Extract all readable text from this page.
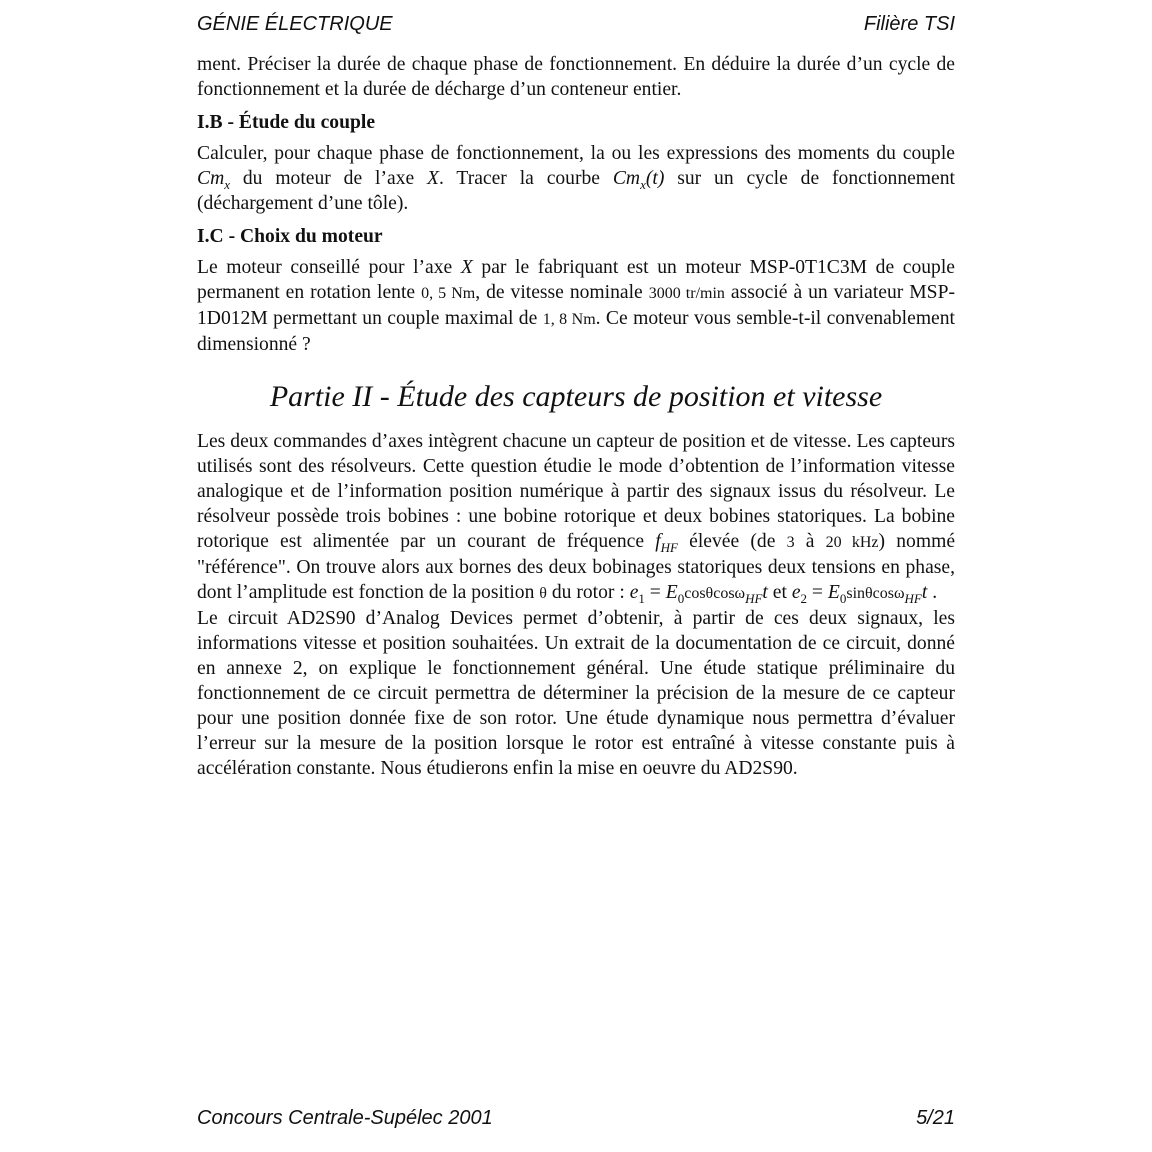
GÉNIE ÉLECTRIQUE	Filière TSI

ment. Préciser la durée de chaque phase de fonctionnement. En déduire la durée d’un cycle de fonctionnement et la durée de décharge d’un conteneur entier.

I.B - Étude du couple

Calculer, pour chaque phase de fonctionnement, la ou les expressions des moments du couple $Cm_x$ du moteur de l’axe X. Tracer la courbe $Cm_x(t)$ sur un cycle de fonctionnement (déchargement d’une tôle).

I.C - Choix du moteur

Le moteur conseillé pour l’axe X par le fabriquant est un moteur MSP-0T1C3M de couple permanent en rotation lente 0, 5 Nm, de vitesse nominale 3000 tr/min associé à un variateur MSP-1D012M permettant un couple maximal de 1, 8 Nm. Ce moteur vous semble-t-il convenablement dimensionné ?

Partie II - Étude des capteurs de position et vitesse

Les deux commandes d’axes intègrent chacune un capteur de position et de vitesse. Les capteurs utilisés sont des résolveurs. Cette question étudie le mode d’obtention de l’information vitesse analogique et de l’information position numérique à partir des signaux issus du résolveur. Le résolveur possède trois bobines : une bobine rotorique et deux bobines statoriques. La bobine rotorique est alimentée par un courant de fréquence $f_{HF}$ élevée (de 3 à 20 kHz) nommé "référence". On trouve alors aux bornes des deux bobinages statoriques deux tensions en phase, dont l’amplitude est fonction de la position θ du rotor : $e_1 = E_0\cos\theta\cos\omega_{HF}t$ et $e_2 = E_0\sin\theta\cos\omega_{HF}t$ .

Le circuit AD2S90 d’Analog Devices permet d’obtenir, à partir de ces deux signaux, les informations vitesse et position souhaitées. Un extrait de la documentation de ce circuit, donné en annexe 2, on explique le fonctionnement général. Une étude statique préliminaire du fonctionnement de ce circuit permettra de déterminer la précision de la mesure de ce capteur pour une position donnée fixe de son rotor. Une étude dynamique nous permettra d’évaluer l’erreur sur la mesure de la position lorsque le rotor est entraîné à vitesse constante puis à accélération constante. Nous étudierons enfin la mise en oeuvre du AD2S90.

Concours Centrale-Supélec 2001	5/21
